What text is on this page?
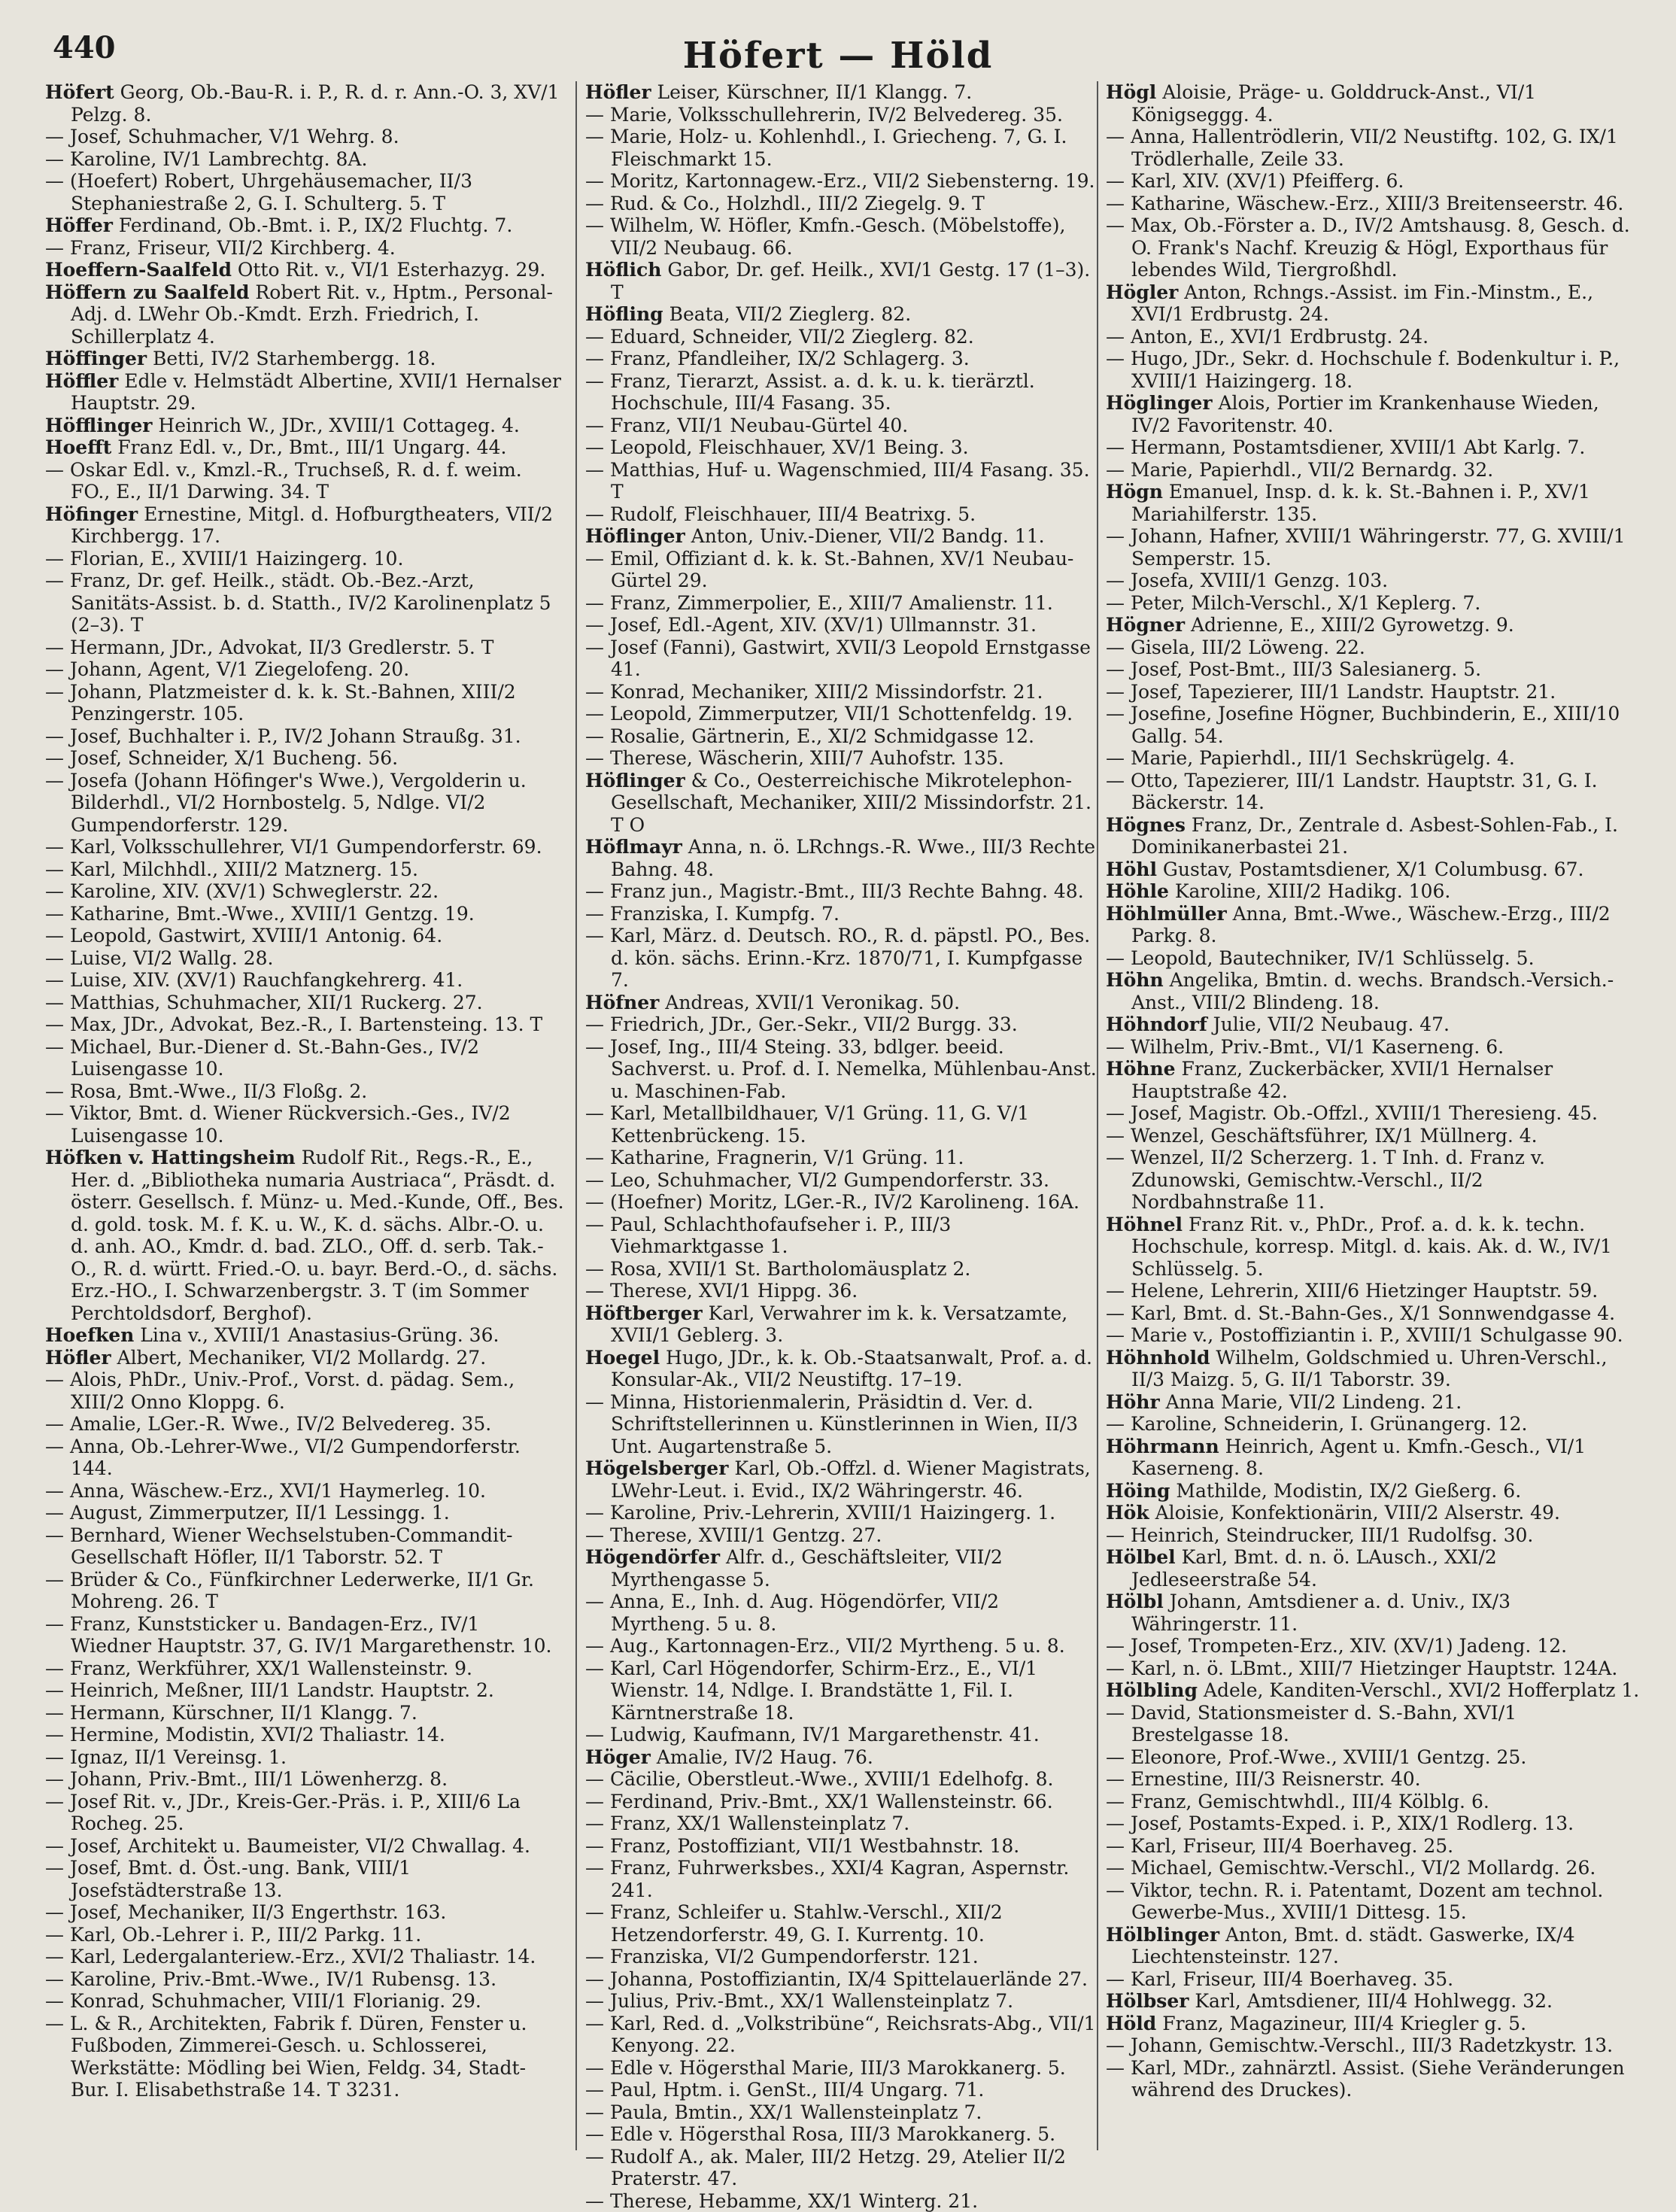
440	Höfert — Höld

Höfert Georg, Ob.-Bau-R. i. P., R. d. r. Ann.-O. 3, XV/1 Pelzg. 8.

— Josef, Schuhmacher, V/1 Wehrg. 8.

— Karoline, IV/1 Lambrechtg. 8A.

— (Hoefert) Robert, Uhrgehäusemacher, II/3 Stephaniestraße 2, G. I. Schulterg. 5. T

Höffer Ferdinand, Ob.-Bmt. i. P., IX/2 Fluchtg. 7.

— Franz, Friseur, VII/2 Kirchberg. 4.

Hoeffern-Saalfeld Otto Rit. v., VI/1 Esterhazyg. 29.

Höffern zu Saalfeld Robert Rit. v., Hptm., Personal-Adj. d. LWehr Ob.-Kmdt. Erzh. Friedrich, I. Schillerplatz 4.

Höffinger Betti, IV/2 Starhembergg. 18.

Höffler Edle v. Helmstädt Albertine, XVII/1 Hernalser Hauptstr. 29.

Höfflinger Heinrich W., JDr., XVIII/1 Cottageg. 4.

Hoefft Franz Edl. v., Dr., Bmt., III/1 Ungarg. 44.

— Oskar Edl. v., Kmzl.-R., Truchseß, R. d. f. weim. FO., E., II/1 Darwing. 34. T

Höfinger Ernestine, Mitgl. d. Hofburgtheaters, VII/2 Kirchbergg. 17.

— Florian, E., XVIII/1 Haizingerg. 10.

— Franz, Dr. gef. Heilk., städt. Ob.-Bez.-Arzt, Sanitäts-Assist. b. d. Statth., IV/2 Karolinenplatz 5 (2–3). T

— Hermann, JDr., Advokat, II/3 Gredlerstr. 5. T

— Johann, Agent, V/1 Ziegelofeng. 20.

— Johann, Platzmeister d. k. k. St.-Bahnen, XIII/2 Penzingerstr. 105.

— Josef, Buchhalter i. P., IV/2 Johann Straußg. 31.

— Josef, Schneider, X/1 Bucheng. 56.

— Josefa (Johann Höfinger's Wwe.), Vergolderin u. Bilderhdl., VI/2 Hornbostelg. 5, Ndlge. VI/2 Gumpendorferstr. 129.

— Karl, Volksschullehrer, VI/1 Gumpendorferstr. 69.

— Karl, Milchhdl., XIII/2 Matznerg. 15.

— Karoline, XIV. (XV/1) Schweglerstr. 22.

— Katharine, Bmt.-Wwe., XVIII/1 Gentzg. 19.

— Leopold, Gastwirt, XVIII/1 Antonig. 64.

— Luise, VI/2 Wallg. 28.

— Luise, XIV. (XV/1) Rauchfangkehrerg. 41.

— Matthias, Schuhmacher, XII/1 Ruckerg. 27.

— Max, JDr., Advokat, Bez.-R., I. Bartensteing. 13. T

— Michael, Bur.-Diener d. St.-Bahn-Ges., IV/2 Luisengasse 10.

— Rosa, Bmt.-Wwe., II/3 Floßg. 2.

— Viktor, Bmt. d. Wiener Rückversich.-Ges., IV/2 Luisengasse 10.

Höfken v. Hattingsheim Rudolf Rit., Regs.-R., E., Her. d. „Bibliotheka numaria Austriaca“, Präsdt. d. österr. Gesellsch. f. Münz- u. Med.-Kunde, Off., Bes. d. gold. tosk. M. f. K. u. W., K. d. sächs. Albr.-O. u. d. anh. AO., Kmdr. d. bad. ZLO., Off. d. serb. Tak.-O., R. d. württ. Fried.-O. u. bayr. Berd.-O., d. sächs. Erz.-HO., I. Schwarzenbergstr. 3. T (im Sommer Perchtoldsdorf, Berghof).

Hoefken Lina v., XVIII/1 Anastasius-Grüng. 36.

Höfler Albert, Mechaniker, VI/2 Mollardg. 27.

— Alois, PhDr., Univ.-Prof., Vorst. d. pädag. Sem., XIII/2 Onno Kloppg. 6.

— Amalie, LGer.-R. Wwe., IV/2 Belvedereg. 35.

— Anna, Ob.-Lehrer-Wwe., VI/2 Gumpendorferstr. 144.

— Anna, Wäschew.-Erz., XVI/1 Haymerleg. 10.

— August, Zimmerputzer, II/1 Lessingg. 1.

— Bernhard, Wiener Wechselstuben-Commandit-Gesellschaft Höfler, II/1 Taborstr. 52. T

— Brüder & Co., Fünfkirchner Lederwerke, II/1 Gr. Mohreng. 26. T

— Franz, Kunststicker u. Bandagen-Erz., IV/1 Wiedner Hauptstr. 37, G. IV/1 Margarethenstr. 10.

— Franz, Werkführer, XX/1 Wallensteinstr. 9.

— Heinrich, Meßner, III/1 Landstr. Hauptstr. 2.

— Hermann, Kürschner, II/1 Klangg. 7.

— Hermine, Modistin, XVI/2 Thaliastr. 14.

— Ignaz, II/1 Vereinsg. 1.

— Johann, Priv.-Bmt., III/1 Löwenherzg. 8.

— Josef Rit. v., JDr., Kreis-Ger.-Präs. i. P., XIII/6 La Rocheg. 25.

— Josef, Architekt u. Baumeister, VI/2 Chwallag. 4.

— Josef, Bmt. d. Öst.-ung. Bank, VIII/1 Josefstädterstraße 13.

— Josef, Mechaniker, II/3 Engerthstr. 163.

— Karl, Ob.-Lehrer i. P., III/2 Parkg. 11.

— Karl, Ledergalanteriew.-Erz., XVI/2 Thaliastr. 14.

— Karoline, Priv.-Bmt.-Wwe., IV/1 Rubensg. 13.

— Konrad, Schuhmacher, VIII/1 Florianig. 29.

— L. & R., Architekten, Fabrik f. Düren, Fenster u. Fußboden, Zimmerei-Gesch. u. Schlosserei, Werkstätte: Mödling bei Wien, Feldg. 34, Stadt-Bur. I. Elisabethstraße 14. T 3231.

Höfler Leiser, Kürschner, II/1 Klangg. 7.

— Marie, Volksschullehrerin, IV/2 Belvedereg. 35.

— Marie, Holz- u. Kohlenhdl., I. Griecheng. 7, G. I. Fleischmarkt 15.

— Moritz, Kartonnagew.-Erz., VII/2 Siebensterng. 19.

— Rud. & Co., Holzhdl., III/2 Ziegelg. 9. T

— Wilhelm, W. Höfler, Kmfn.-Gesch. (Möbelstoffe), VII/2 Neubaug. 66.

Höflich Gabor, Dr. gef. Heilk., XVI/1 Gestg. 17 (1–3). T

Höfling Beata, VII/2 Zieglerg. 82.

— Eduard, Schneider, VII/2 Zieglerg. 82.

— Franz, Pfandleiher, IX/2 Schlagerg. 3.

— Franz, Tierarzt, Assist. a. d. k. u. k. tierärztl. Hochschule, III/4 Fasang. 35.

— Franz, VII/1 Neubau-Gürtel 40.

— Leopold, Fleischhauer, XV/1 Being. 3.

— Matthias, Huf- u. Wagenschmied, III/4 Fasang. 35. T

— Rudolf, Fleischhauer, III/4 Beatrixg. 5.

Höflinger Anton, Univ.-Diener, VII/2 Bandg. 11.

— Emil, Offiziant d. k. k. St.-Bahnen, XV/1 Neubau-Gürtel 29.

— Franz, Zimmerpolier, E., XIII/7 Amalienstr. 11.

— Josef, Edl.-Agent, XIV. (XV/1) Ullmannstr. 31.

— Josef (Fanni), Gastwirt, XVII/3 Leopold Ernstgasse 41.

— Konrad, Mechaniker, XIII/2 Missindorfstr. 21.

— Leopold, Zimmerputzer, VII/1 Schottenfeldg. 19.

— Rosalie, Gärtnerin, E., XI/2 Schmidgasse 12.

— Therese, Wäscherin, XIII/7 Auhofstr. 135.

Höflinger & Co., Oesterreichische Mikrotelephon-Gesellschaft, Mechaniker, XIII/2 Missindorfstr. 21. T O

Höflmayr Anna, n. ö. LRchngs.-R. Wwe., III/3 Rechte Bahng. 48.

— Franz jun., Magistr.-Bmt., III/3 Rechte Bahng. 48.

— Franziska, I. Kumpfg. 7.

— Karl, März. d. Deutsch. RO., R. d. päpstl. PO., Bes. d. kön. sächs. Erinn.-Krz. 1870/71, I. Kumpfgasse 7.

Höfner Andreas, XVII/1 Veronikag. 50.

— Friedrich, JDr., Ger.-Sekr., VII/2 Burgg. 33.

— Josef, Ing., III/4 Steing. 33, bdlger. beeid. Sachverst. u. Prof. d. I. Nemelka, Mühlenbau-Anst. u. Maschinen-Fab.

— Karl, Metallbildhauer, V/1 Grüng. 11, G. V/1 Kettenbrückeng. 15.

— Katharine, Fragnerin, V/1 Grüng. 11.

— Leo, Schuhmacher, VI/2 Gumpendorferstr. 33.

— (Hoefner) Moritz, LGer.-R., IV/2 Karolineng. 16A.

— Paul, Schlachthofaufseher i. P., III/3 Viehmarktgasse 1.

— Rosa, XVII/1 St. Bartholomäusplatz 2.

— Therese, XVI/1 Hippg. 36.

Höftberger Karl, Verwahrer im k. k. Versatzamte, XVII/1 Geblerg. 3.

Hoegel Hugo, JDr., k. k. Ob.-Staatsanwalt, Prof. a. d. Konsular-Ak., VII/2 Neustiftg. 17–19.

— Minna, Historienmalerin, Präsidtin d. Ver. d. Schriftstellerinnen u. Künstlerinnen in Wien, II/3 Unt. Augartenstraße 5.

Högelsberger Karl, Ob.-Offzl. d. Wiener Magistrats, LWehr-Leut. i. Evid., IX/2 Währingerstr. 46.

— Karoline, Priv.-Lehrerin, XVIII/1 Haizingerg. 1.

— Therese, XVIII/1 Gentzg. 27.

Högendörfer Alfr. d., Geschäftsleiter, VII/2 Myrthengasse 5.

— Anna, E., Inh. d. Aug. Högendörfer, VII/2 Myrtheng. 5 u. 8.

— Aug., Kartonnagen-Erz., VII/2 Myrtheng. 5 u. 8.

— Karl, Carl Högendorfer, Schirm-Erz., E., VI/1 Wienstr. 14, Ndlge. I. Brandstätte 1, Fil. I. Kärntnerstraße 18.

— Ludwig, Kaufmann, IV/1 Margarethenstr. 41.

Höger Amalie, IV/2 Haug. 76.

— Cäcilie, Oberstleut.-Wwe., XVIII/1 Edelhofg. 8.

— Ferdinand, Priv.-Bmt., XX/1 Wallensteinstr. 66.

— Franz, XX/1 Wallensteinplatz 7.

— Franz, Postoffiziant, VII/1 Westbahnstr. 18.

— Franz, Fuhrwerksbes., XXI/4 Kagran, Aspernstr. 241.

— Franz, Schleifer u. Stahlw.-Verschl., XII/2 Hetzendorferstr. 49, G. I. Kurrentg. 10.

— Franziska, VI/2 Gumpendorferstr. 121.

— Johanna, Postoffiziantin, IX/4 Spittelauerlände 27.

— Julius, Priv.-Bmt., XX/1 Wallensteinplatz 7.

— Karl, Red. d. „Volkstribüne“, Reichsrats-Abg., VII/1 Kenyong. 22.

— Edle v. Högersthal Marie, III/3 Marokkanerg. 5.

— Paul, Hptm. i. GenSt., III/4 Ungarg. 71.

— Paula, Bmtin., XX/1 Wallensteinplatz 7.

— Edle v. Högersthal Rosa, III/3 Marokkanerg. 5.

— Rudolf A., ak. Maler, III/2 Hetzg. 29, Atelier II/2 Praterstr. 47.

— Therese, Hebamme, XX/1 Winterg. 21.

Högl Aloisie, Präge- u. Golddruck-Anst., VI/1 Königseggg. 4.

— Anna, Hallentrödlerin, VII/2 Neustiftg. 102, G. IX/1 Trödlerhalle, Zeile 33.

— Karl, XIV. (XV/1) Pfeifferg. 6.

— Katharine, Wäschew.-Erz., XIII/3 Breitenseerstr. 46.

— Max, Ob.-Förster a. D., IV/2 Amtshausg. 8, Gesch. d. O. Frank's Nachf. Kreuzig & Högl, Exporthaus für lebendes Wild, Tiergroßhdl.

Högler Anton, Rchngs.-Assist. im Fin.-Minstm., E., XVI/1 Erdbrustg. 24.

— Anton, E., XVI/1 Erdbrustg. 24.

— Hugo, JDr., Sekr. d. Hochschule f. Bodenkultur i. P., XVIII/1 Haizingerg. 18.

Höglinger Alois, Portier im Krankenhause Wieden, IV/2 Favoritenstr. 40.

— Hermann, Postamtsdiener, XVIII/1 Abt Karlg. 7.

— Marie, Papierhdl., VII/2 Bernardg. 32.

Högn Emanuel, Insp. d. k. k. St.-Bahnen i. P., XV/1 Mariahilferstr. 135.

— Johann, Hafner, XVIII/1 Währingerstr. 77, G. XVIII/1 Semperstr. 15.

— Josefa, XVIII/1 Genzg. 103.

— Peter, Milch-Verschl., X/1 Keplerg. 7.

Högner Adrienne, E., XIII/2 Gyrowetzg. 9.

— Gisela, III/2 Löweng. 22.

— Josef, Post-Bmt., III/3 Salesianerg. 5.

— Josef, Tapezierer, III/1 Landstr. Hauptstr. 21.

— Josefine, Josefine Högner, Buchbinderin, E., XIII/10 Gallg. 54.

— Marie, Papierhdl., III/1 Sechskrügelg. 4.

— Otto, Tapezierer, III/1 Landstr. Hauptstr. 31, G. I. Bäckerstr. 14.

Högnes Franz, Dr., Zentrale d. Asbest-Sohlen-Fab., I. Dominikanerbastei 21.

Höhl Gustav, Postamtsdiener, X/1 Columbusg. 67.

Höhle Karoline, XIII/2 Hadikg. 106.

Höhlmüller Anna, Bmt.-Wwe., Wäschew.-Erzg., III/2 Parkg. 8.

— Leopold, Bautechniker, IV/1 Schlüsselg. 5.

Höhn Angelika, Bmtin. d. wechs. Brandsch.-Versich.-Anst., VIII/2 Blindeng. 18.

Höhndorf Julie, VII/2 Neubaug. 47.

— Wilhelm, Priv.-Bmt., VI/1 Kaserneng. 6.

Höhne Franz, Zuckerbäcker, XVII/1 Hernalser Hauptstraße 42.

— Josef, Magistr. Ob.-Offzl., XVIII/1 Theresieng. 45.

— Wenzel, Geschäftsführer, IX/1 Müllnerg. 4.

— Wenzel, II/2 Scherzerg. 1. T Inh. d. Franz v. Zdunowski, Gemischtw.-Verschl., II/2 Nordbahnstraße 11.

Höhnel Franz Rit. v., PhDr., Prof. a. d. k. k. techn. Hochschule, korresp. Mitgl. d. kais. Ak. d. W., IV/1 Schlüsselg. 5.

— Helene, Lehrerin, XIII/6 Hietzinger Hauptstr. 59.

— Karl, Bmt. d. St.-Bahn-Ges., X/1 Sonnwendgasse 4.

— Marie v., Postoffiziantin i. P., XVIII/1 Schulgasse 90.

Höhnhold Wilhelm, Goldschmied u. Uhren-Verschl., II/3 Maizg. 5, G. II/1 Taborstr. 39.

Höhr Anna Marie, VII/2 Lindeng. 21.

— Karoline, Schneiderin, I. Grünangerg. 12.

Höhrmann Heinrich, Agent u. Kmfn.-Gesch., VI/1 Kaserneng. 8.

Höing Mathilde, Modistin, IX/2 Gießerg. 6.

Hök Aloisie, Konfektionärin, VIII/2 Alserstr. 49.

— Heinrich, Steindrucker, III/1 Rudolfsg. 30.

Hölbel Karl, Bmt. d. n. ö. LAusch., XXI/2 Jedleseerstraße 54.

Hölbl Johann, Amtsdiener a. d. Univ., IX/3 Währingerstr. 11.

— Josef, Trompeten-Erz., XIV. (XV/1) Jadeng. 12.

— Karl, n. ö. LBmt., XIII/7 Hietzinger Hauptstr. 124A.

Hölbling Adele, Kanditen-Verschl., XVI/2 Hofferplatz 1.

— David, Stationsmeister d. S.-Bahn, XVI/1 Brestelgasse 18.

— Eleonore, Prof.-Wwe., XVIII/1 Gentzg. 25.

— Ernestine, III/3 Reisnerstr. 40.

— Franz, Gemischtwhdl., III/4 Kölblg. 6.

— Josef, Postamts-Exped. i. P., XIX/1 Rodlerg. 13.

— Karl, Friseur, III/4 Boerhaveg. 25.

— Michael, Gemischtw.-Verschl., VI/2 Mollardg. 26.

— Viktor, techn. R. i. Patentamt, Dozent am technol. Gewerbe-Mus., XVIII/1 Dittesg. 15.

Hölblinger Anton, Bmt. d. städt. Gaswerke, IX/4 Liechtensteinstr. 127.

— Karl, Friseur, III/4 Boerhaveg. 35.

Hölbser Karl, Amtsdiener, III/4 Hohlwegg. 32.

Höld Franz, Magazineur, III/4 Kriegler g. 5.

— Johann, Gemischtw.-Verschl., III/3 Radetzkystr. 13.

— Karl, MDr., zahnärztl. Assist. (Siehe Veränderungen während des Druckes).
